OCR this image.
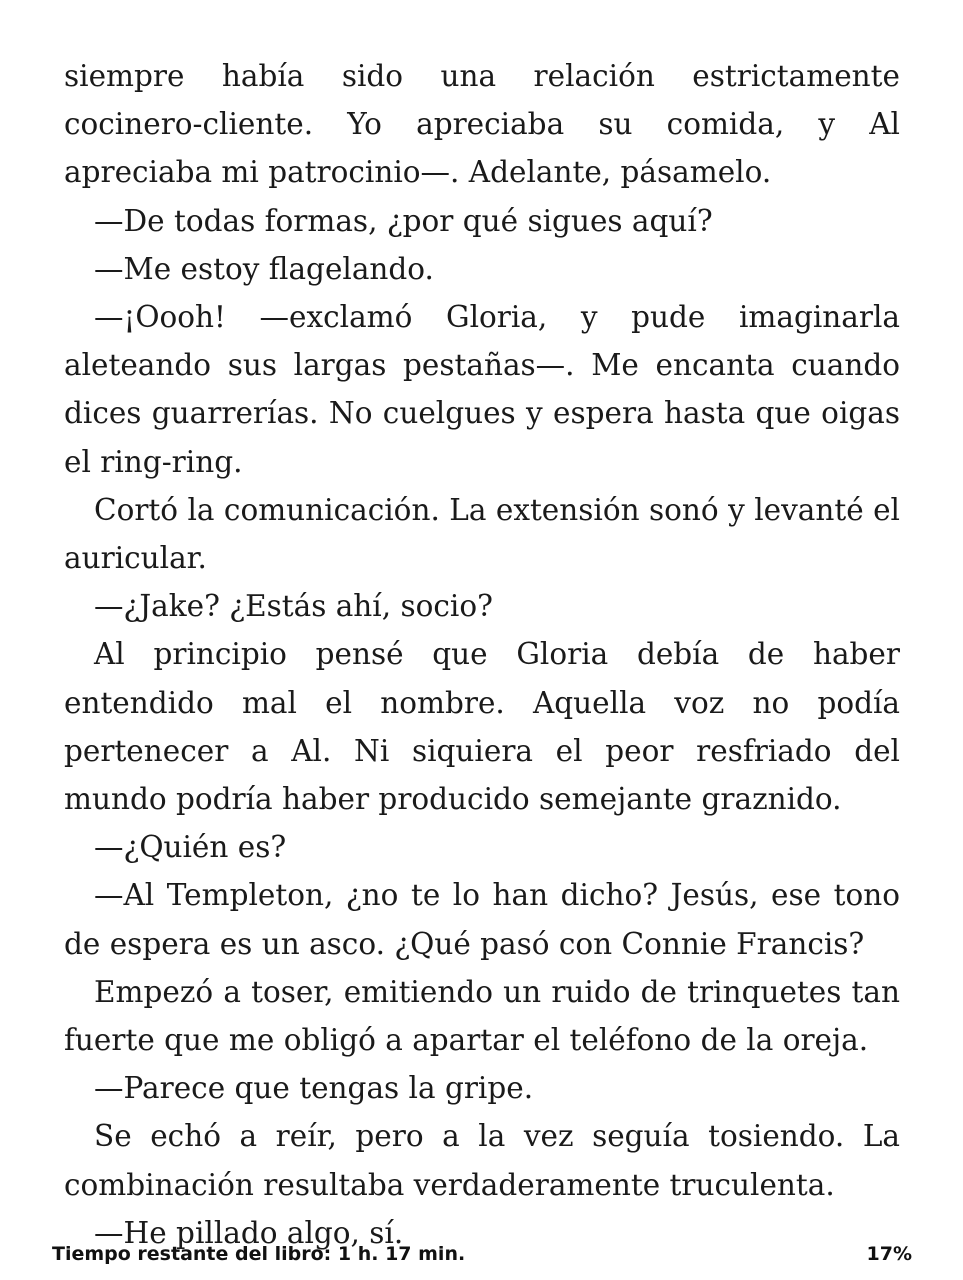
siempre había sido una relación estrictamente cocinero-cliente. Yo apreciaba su comida, y Al apreciaba mi patrocinio—. Adelante, pásamelo.

—De todas formas, ¿por qué sigues aquí?

—Me estoy flagelando.

—¡Oooh! —exclamó Gloria, y pude imaginarla aleteando sus largas pestañas—. Me encanta cuando dices guarrerías. No cuelgues y espera hasta que oigas el ring-ring.

Cortó la comunicación. La extensión sonó y levanté el auricular.

—¿Jake? ¿Estás ahí, socio?

Al principio pensé que Gloria debía de haber entendido mal el nombre. Aquella voz no podía pertenecer a Al. Ni siquiera el peor resfriado del mundo podría haber producido semejante graznido.

—¿Quién es?

—Al Templeton, ¿no te lo han dicho? Jesús, ese tono de espera es un asco. ¿Qué pasó con Connie Francis?

Empezó a toser, emitiendo un ruido de trinquetes tan fuerte que me obligó a apartar el teléfono de la oreja.

—Parece que tengas la gripe.

Se echó a reír, pero a la vez seguía tosiendo. La combinación resultaba verdaderamente truculenta.

—He pillado algo, sí.

Tiempo restante del libro: 1 h. 17 min.	17%
